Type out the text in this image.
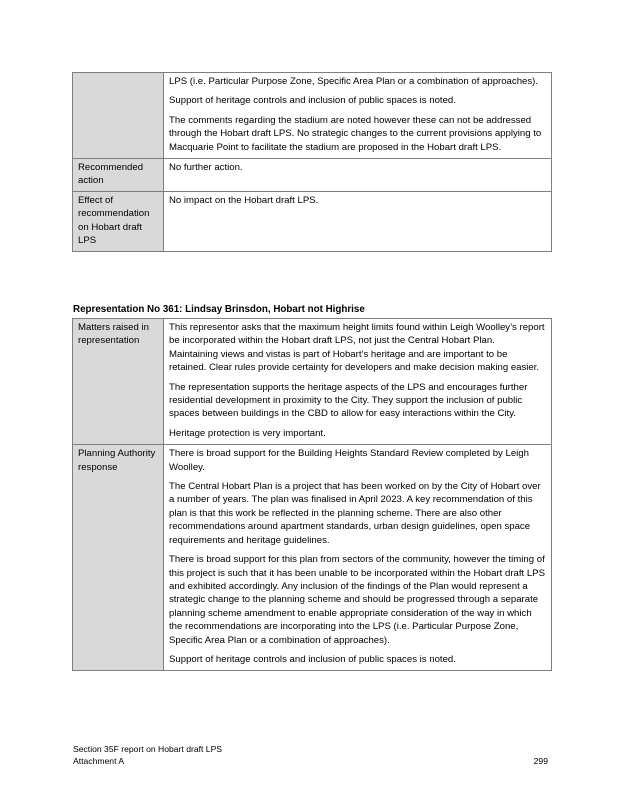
	LPS (i.e. Particular Purpose Zone, Specific Area Plan or a combination of approaches).

Support of heritage controls and inclusion of public spaces is noted.

The comments regarding the stadium are noted however these can not be addressed through the Hobart draft LPS. No strategic changes to the current provisions applying to Macquarie Point to facilitate the stadium are proposed in the Hobart draft LPS.

Recommended action	No further action.

Effect of recommendation on Hobart draft LPS	No impact on the Hobart draft LPS.

Representation No 361: Lindsay Brinsdon, Hobart not Highrise
Matters raised in representation	This representor asks that the maximum height limits found within Leigh Woolley’s report be incorporated within the Hobart draft LPS, not just the Central Hobart Plan. Maintaining views and vistas is part of Hobart’s heritage and are important to be retained. Clear rules provide certainty for developers and make decision making easier.

The representation supports the heritage aspects of the LPS and encourages further residential development in proximity to the City. They support the inclusion of public spaces between buildings in the CBD to allow for easy interactions within the City.

Heritage protection is very important.

Planning Authority response	There is broad support for the Building Heights Standard Review completed by Leigh Woolley.

The Central Hobart Plan is a project that has been worked on by the City of Hobart over a number of years. The plan was finalised in April 2023. A key recommendation of this plan is that this work be reflected in the planning scheme. There are also other recommendations around apartment standards, urban design guidelines, open space requirements and heritage guidelines.

There is broad support for this plan from sectors of the community, however the timing of this project is such that it has been unable to be incorporated within the Hobart draft LPS and exhibited accordingly. Any inclusion of the findings of the Plan would represent a strategic change to the planning scheme and should be progressed through a separate planning scheme amendment to enable appropriate consideration of the way in which the recommendations are incorporating into the LPS (i.e. Particular Purpose Zone, Specific Area Plan or a combination of approaches).

Support of heritage controls and inclusion of public spaces is noted.

Section 35F report on Hobart draft LPS
Attachment A	299
